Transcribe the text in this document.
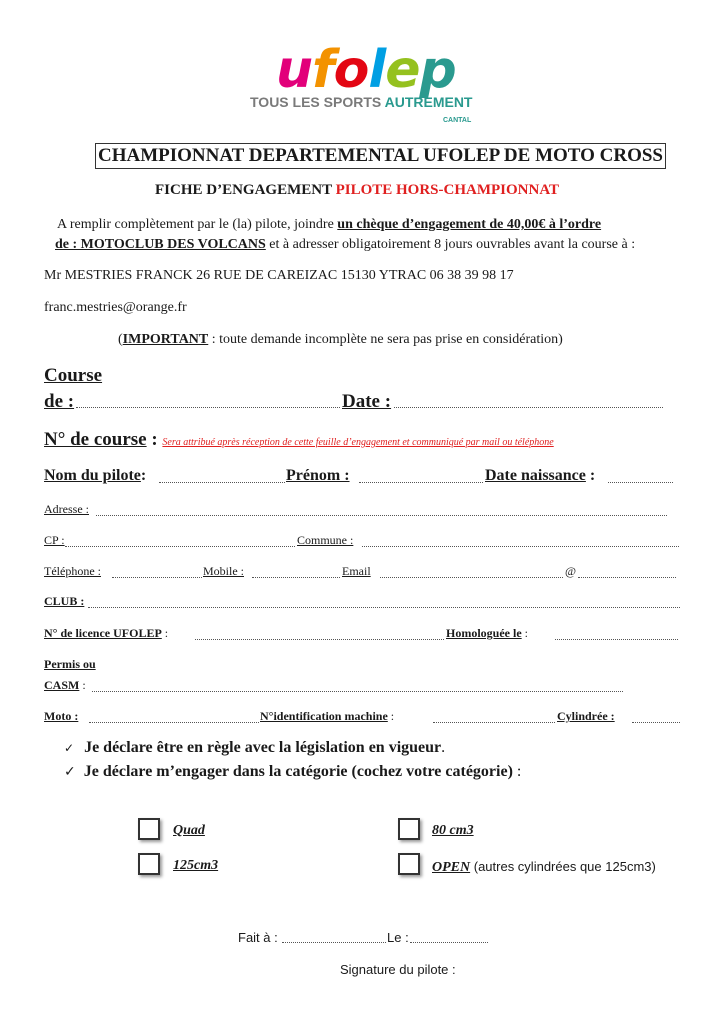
ufolep
TOUS LES SPORTS AUTREMENT
CANTAL
CHAMPIONNAT DEPARTEMENTAL UFOLEP DE MOTO CROSS
FICHE D’ENGAGEMENT PILOTE HORS-CHAMPIONNAT
A remplir complètement par le (la) pilote, joindre un chèque d’engagement de 40,00€ à l’ordre
de : MOTOCLUB DES VOLCANS et à adresser obligatoirement 8 jours ouvrables avant la course à :
Mr MESTRIES FRANCK 26 RUE DE CAREIZAC 15130 YTRAC 06 38 39 98 17
franc.mestries@orange.fr
(IMPORTANT : toute demande incomplète ne sera pas prise en considération)
Course
de :	Date :
N° de course : Sera attribué après réception de cette feuille d’engagement et communiqué par mail ou téléphone
Nom du pilote:	Prénom :	Date naissance :
Adresse :
CP :	Commune :
Téléphone :	Mobile :	Email	@
CLUB :
N° de licence UFOLEP :	Homologuée le :
Permis ou
CASM :
Moto :	N°identification machine :	Cylindrée :
✓ Je déclare être en règle avec la législation en vigueur.
✓ Je déclare m’engager dans la catégorie (cochez votre catégorie) :
Quad	80 cm3
125cm3	OPEN (autres cylindrées que 125cm3)
Fait à :	Le :
Signature du pilote :
